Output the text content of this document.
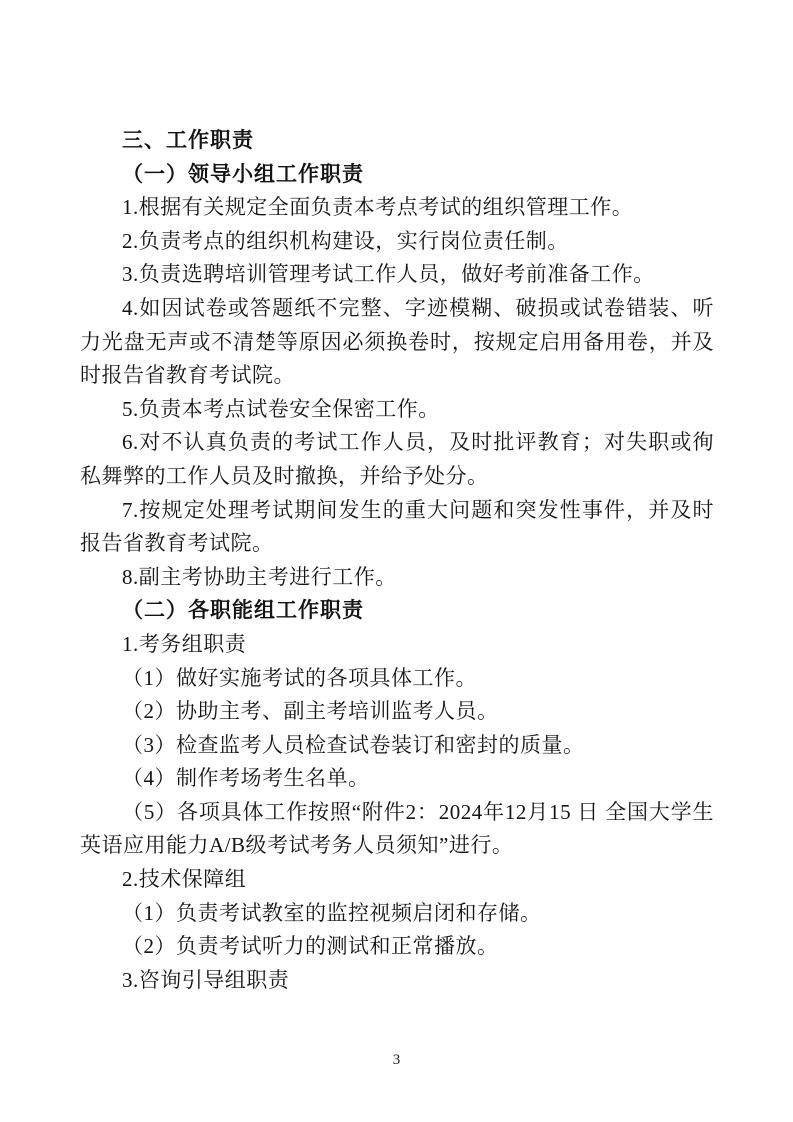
三、工作职责

（一）领导小组工作职责

1.根据有关规定全面负责本考点考试的组织管理工作。

2.负责考点的组织机构建设，实行岗位责任制。

3.负责选聘培训管理考试工作人员，做好考前准备工作。

4.如因试卷或答题纸不完整、字迹模糊、破损或试卷错装、听力光盘无声或不清楚等原因必须换卷时，按规定启用备用卷，并及时报告省教育考试院。

5.负责本考点试卷安全保密工作。

6.对不认真负责的考试工作人员，及时批评教育；对失职或徇私舞弊的工作人员及时撤换，并给予处分。

7.按规定处理考试期间发生的重大问题和突发性事件，并及时报告省教育考试院。

8.副主考协助主考进行工作。

（二）各职能组工作职责

1.考务组职责

（1）做好实施考试的各项具体工作。

（2）协助主考、副主考培训监考人员。

（3）检查监考人员检查试卷装订和密封的质量。

（4）制作考场考生名单。

（5）各项具体工作按照“附件2：2024年12月15 日 全国大学生英语应用能力A/B级考试考务人员须知”进行。

2.技术保障组

（1）负责考试教室的监控视频启闭和存储。

（2）负责考试听力的测试和正常播放。

3.咨询引导组职责

3
